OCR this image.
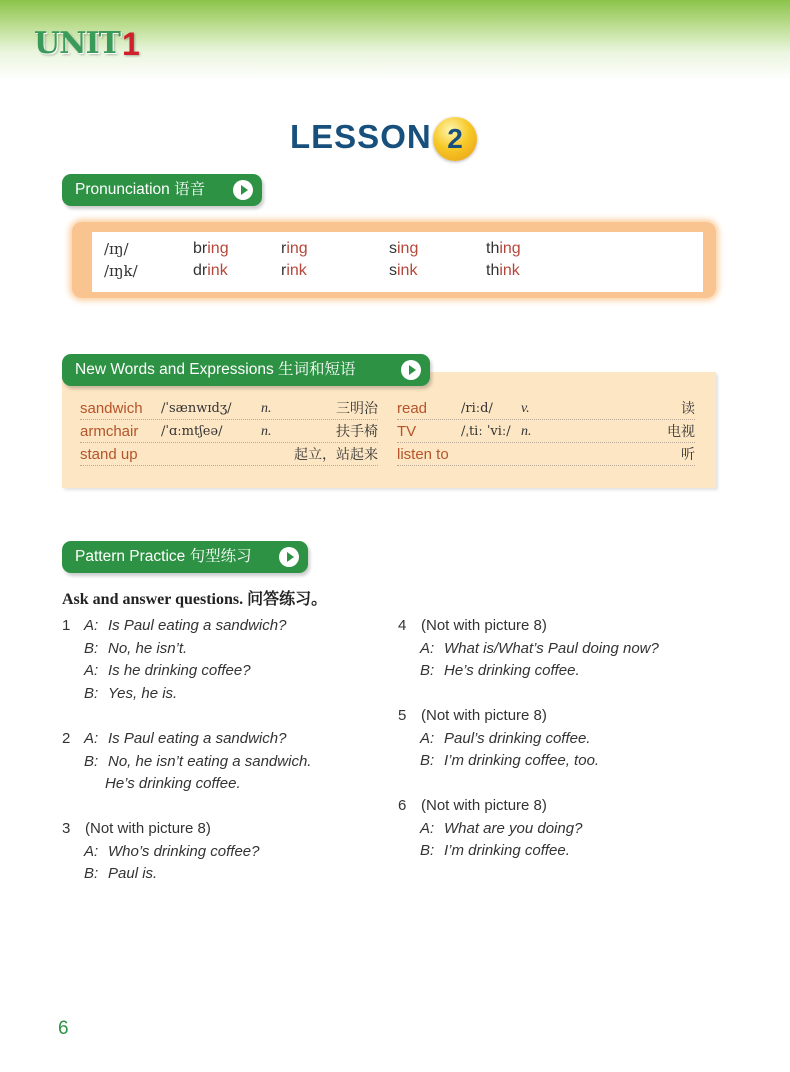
UNIT 1
LESSON 2
Pronunciation 语音
/ɪŋ/	bring	ring	sing	thing
/ɪŋk/	drink	rink	sink	think
sandwich /ˈsænwɪdʒ/ n.	三明治
armchair /ˈɑːmtʃeə/	n.	扶手椅
stand up	起立，站起来
read	/riːd/ v.	读
TV	/ˌtiː ˈviː/ n.	电视
listen to	听
New Words and Expressions 生词和短语
Pattern Practice 句型练习
Ask and answer questions. 问答练习。
1 A: Is Paul eating a sandwich?
B: No, he isn’t.
A: Is he drinking coffee?
B: Yes, he is.
2 A: Is Paul eating a sandwich?
B: No, he isn’t eating a sandwich.
He’s drinking coffee.
3 (Not with picture 8)
A: Who’s drinking coffee?
B: Paul is.
4 (Not with picture 8)
A: What is/What’s Paul doing now?
B: He’s drinking coffee.
5 (Not with picture 8)
A: Paul’s drinking coffee.
B: I’m drinking coffee, too.
6 (Not with picture 8)
A: What are you doing?
B: I’m drinking coffee.
6
